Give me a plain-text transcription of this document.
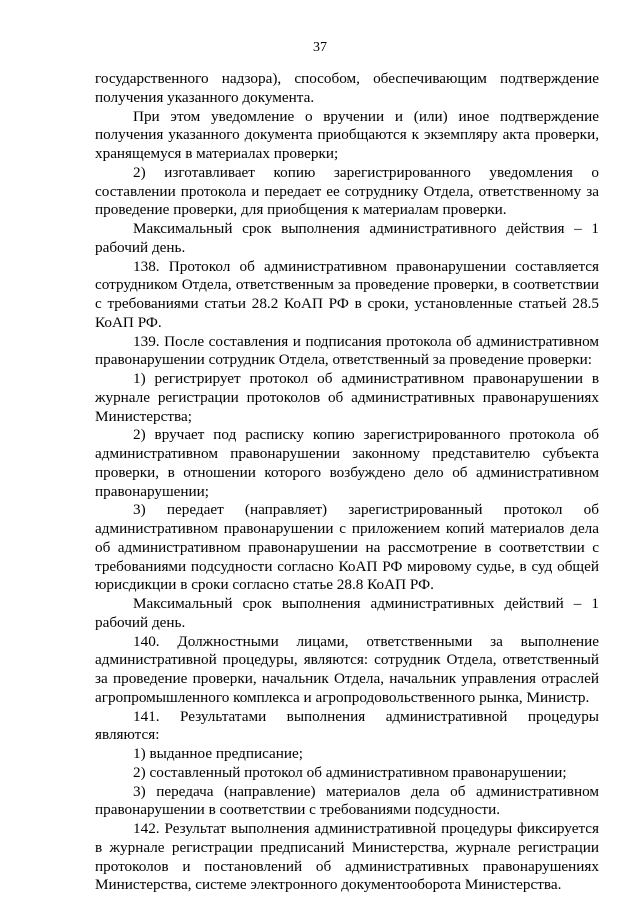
37

государственного надзора), способом, обеспечивающим подтверждение получения указанного документа.

При этом уведомление о вручении и (или) иное подтверждение получения указанного документа приобщаются к экземпляру акта проверки, хранящемуся в материалах проверки;

2) изготавливает копию зарегистрированного уведомления о составлении протокола и передает ее сотруднику Отдела, ответственному за проведение проверки, для приобщения к материалам проверки.

Максимальный срок выполнения административного действия – 1 рабочий день.

138. Протокол об административном правонарушении составляется сотрудником Отдела, ответственным за проведение проверки, в соответствии с требованиями статьи 28.2 КоАП РФ в сроки, установленные статьей 28.5 КоАП РФ.

139. После составления и подписания протокола об административном правонарушении сотрудник Отдела, ответственный за проведение проверки:

1) регистрирует протокол об административном правонарушении в журнале регистрации протоколов об административных правонарушениях Министерства;

2) вручает под расписку копию зарегистрированного протокола об административном правонарушении законному представителю субъекта проверки, в отношении которого возбуждено дело об административном правонарушении;

3) передает (направляет) зарегистрированный протокол об административном правонарушении с приложением копий материалов дела об административном правонарушении на рассмотрение в соответствии с требованиями подсудности согласно КоАП РФ мировому судье, в суд общей юрисдикции в сроки согласно статье 28.8 КоАП РФ.

Максимальный срок выполнения административных действий – 1 рабочий день.

140. Должностными лицами, ответственными за выполнение административной процедуры, являются: сотрудник Отдела, ответственный за проведение проверки, начальник Отдела, начальник управления отраслей агропромышленного комплекса и агропродовольственного рынка, Министр.

141. Результатами выполнения административной процедуры являются:

1) выданное предписание;

2) составленный протокол об административном правонарушении;

3) передача (направление) материалов дела об административном правонарушении в соответствии с требованиями подсудности.

142. Результат выполнения административной процедуры фиксируется в журнале регистрации предписаний Министерства, журнале регистрации протоколов и постановлений об административных правонарушениях Министерства, системе электронного документооборота Министерства.
